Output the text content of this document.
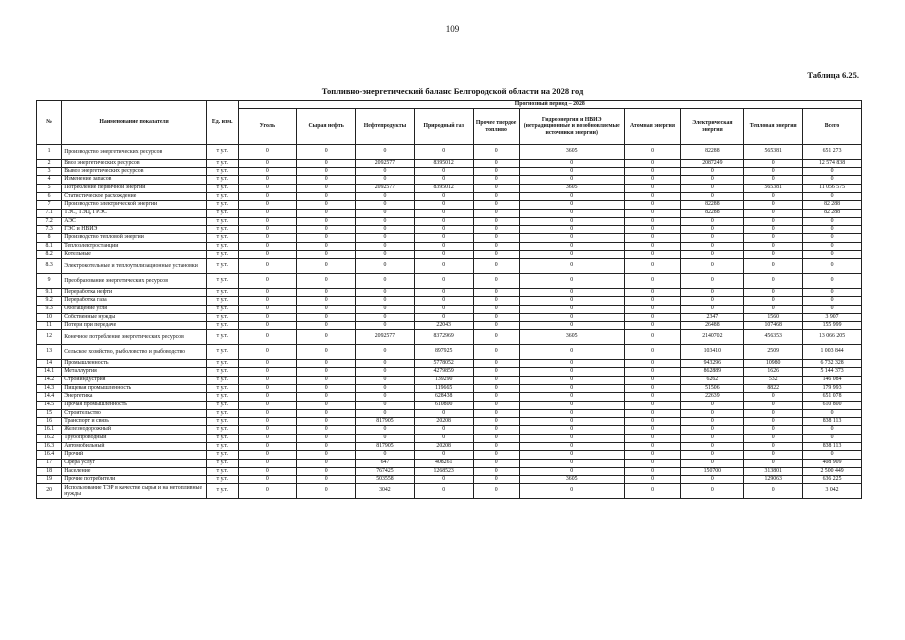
109
Таблица 6.25.
Топливно-энергетический баланс Белгородской области на 2028 год
№	Наименование показателя	Ед. изм.	Прогнозный период – 2028									
			Уголь	Сырая нефть	Нефтепродукты	Природный газ	Прочее твердое топливо	Гидроэнергия и НВИЭ (нетрадиционные и возобновляемые источники энергии)	Атомная энергия	Электрическая энергия	Тепловая энергия	Всего
1	Производство энергетических ресурсов	т у.т.	0	0	0	0	0	3605	0	82288	565381	651 273
2	Ввоз энергетических ресурсов	т у.т.	0	0	2092577	8395012	0	0	0	2087249	0	12 574 838
3	Вывоз энергетических ресурсов	т у.т.	0	0	0	0	0	0	0	0	0	0
4	Изменение запасов	т у.т.	0	0	0	0	0	0	0	0	0	0
5	Потребление первичной энергии	т у.т.	0	0	2092577	8395012	0	3605	0	0	565381	11 056 575
6	Статистическое расхождение	т у.т.	0	0	0	0	0	0	0	0	0	0
7	Производство электрической энергии	т у.т.	0	0	0	0	0	0	0	82288	0	82 288
7.1	ТЭС, ТЭЦ, ГРЭС	т у.т.	0	0	0	0	0	0	0	82288	0	82 288
7.2	АЭС	т у.т.	0	0	0	0	0	0	0	0	0	0
7.3	ГЭС и НВИЭ	т у.т.	0	0	0	0	0	0	0	0	0	0
8	Производство тепловой энергии	т у.т.	0	0	0	0	0	0	0	0	0	0
8.1	Теплоэлектростанции	т у.т.	0	0	0	0	0	0	0	0	0	0
8.2	Котельные	т у.т.	0	0	0	0	0	0	0	0	0	0
8.3	Электрокотельные и теплоутилизационные установки	т у.т.	0	0	0	0	0	0	0	0	0	0
9	Преобразование энергетических ресурсов	т у.т.	0	0	0	0	0	0	0	0	0	0
9.1	Переработка нефти	т у.т.	0	0	0	0	0	0	0	0	0	0
9.2	Переработка газа	т у.т.	0	0	0	0	0	0	0	0	0	0
9.3	Обогащение угля	т у.т.	0	0	0	0	0	0	0	0	0	0
10	Собственные нужды	т у.т.	0	0	0	0	0	0	0	2347	1560	3 907
11	Потери при передаче	т у.т.	0	0	0	22043	0	0	0	26488	107468	155 999
12	Конечное потребление энергетических ресурсов	т у.т.	0	0	2092577	8372969	0	3605	0	2140702	456353	13 066 205
13	Сельское хозяйство, рыболовство и рыбоводство	т у.т.	0	0	0	897925	0	0	0	103410	2509	1 003 844
14	Промышленность	т у.т.	0	0	0	5778052	0	0	0	943296	10980	6 732 328
14.1	Металлургия	т у.т.	0	0	0	4279859	0	0	0	862889	1626	5 144 373
14.2	Стройиндустрия	т у.т.	0	0	0	139290	0	0	0	6262	532	146 084
14.3	Пищевая промышленность	т у.т.	0	0	0	119665	0	0	0	51506	8822	179 993
14.4	Энергетика	т у.т.	0	0	0	628438	0	0	0	22639	0	651 078
14.5	Прочая промышленность	т у.т.	0	0	0	610800	0	0	0	0	0	610 800
15	Строительство	т у.т.	0	0	0	0	0	0	0	0	0	0
16	Транспорт и связь	т у.т.	0	0	817905	20208	0	0	0	0	0	838 113
16.1	Железнодорожный	т у.т.	0	0	0	0	0	0	0	0	0	0
16.2	Трубопроводный	т у.т.	0	0	0	0	0	0	0	0	0	0
16.3	Автомобильный	т у.т.	0	0	817905	20208	0	0	0	0	0	838 113
16.4	Прочий	т у.т.	0	0	0	0	0	0	0	0	0	0
17	Сфера услуг	т у.т.	0	0	647	408261	0	0	0	0	0	408 909
18	Население	т у.т.	0	0	767425	1268523	0	0	0	150700	313801	2 500 449
19	Прочие потребители	т у.т.	0	0	503558	0	0	3605	0	0	129063	636 225
20	Использование ТЭР в качестве сырья и на нетопливные нужды	т у.т.	0	0	3042	0	0	0	0	0	0	3 042
